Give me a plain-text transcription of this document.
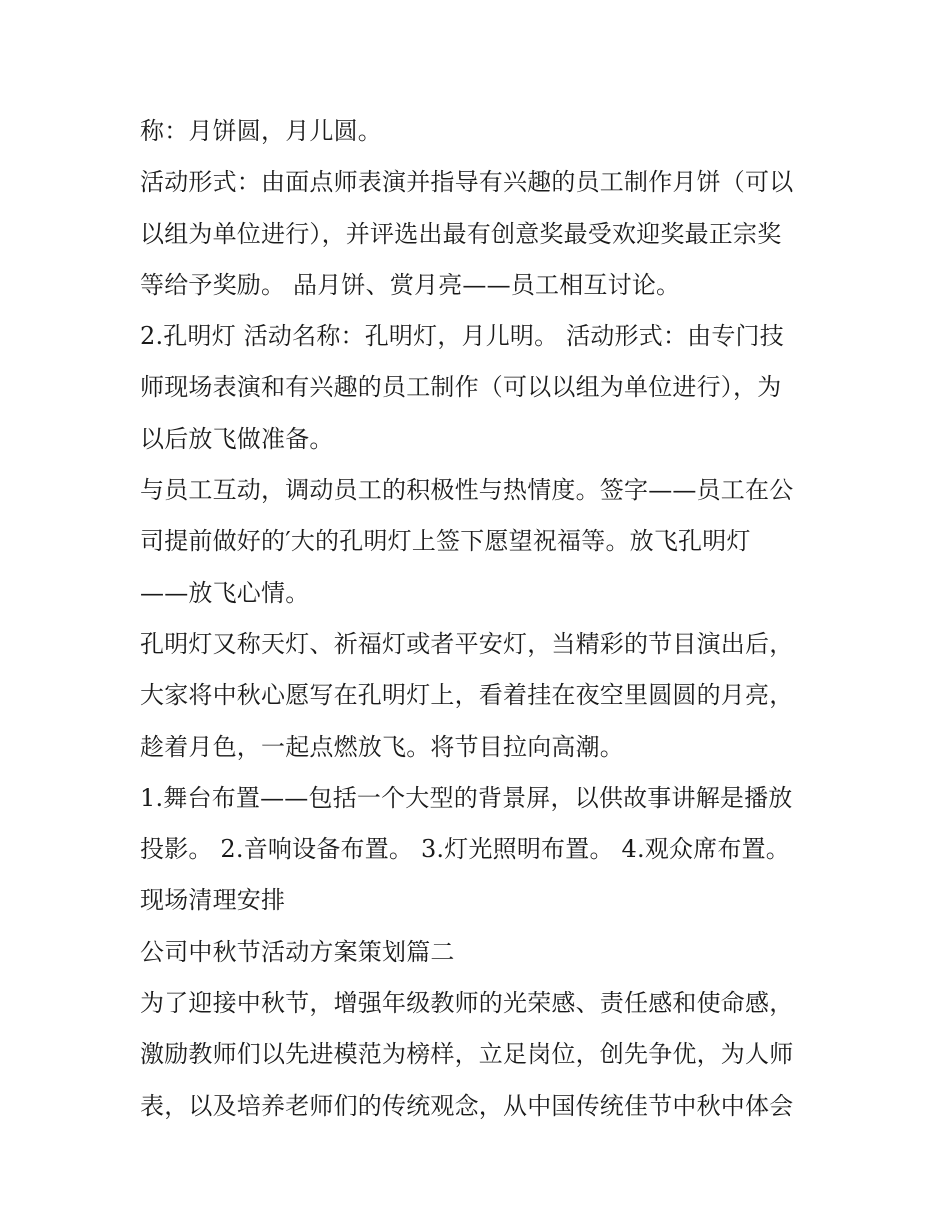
称：月饼圆，月儿圆。
活动形式：由面点师表演并指导有兴趣的员工制作月饼（可以
以组为单位进行），并评选出最有创意奖最受欢迎奖最正宗奖
等给予奖励。 品月饼、赏月亮——员工相互讨论。
2.孔明灯 活动名称：孔明灯，月儿明。 活动形式：由专门技
师现场表演和有兴趣的员工制作（可以以组为单位进行），为
以后放飞做准备。
与员工互动，调动员工的积极性与热情度。签字——员工在公
司提前做好的′大的孔明灯上签下愿望祝福等。放飞孔明灯
——放飞心情。
孔明灯又称天灯、祈福灯或者平安灯，当精彩的节目演出后，
大家将中秋心愿写在孔明灯上，看着挂在夜空里圆圆的月亮，
趁着月色，一起点燃放飞。将节目拉向高潮。
1.舞台布置——包括一个大型的背景屏，以供故事讲解是播放
投影。 2.音响设备布置。 3.灯光照明布置。 4.观众席布置。
现场清理安排
公司中秋节活动方案策划篇二
为了迎接中秋节，增强年级教师的光荣感、责任感和使命感，
激励教师们以先进模范为榜样，立足岗位，创先争优，为人师
表，以及培养老师们的传统观念，从中国传统佳节中秋中体会
